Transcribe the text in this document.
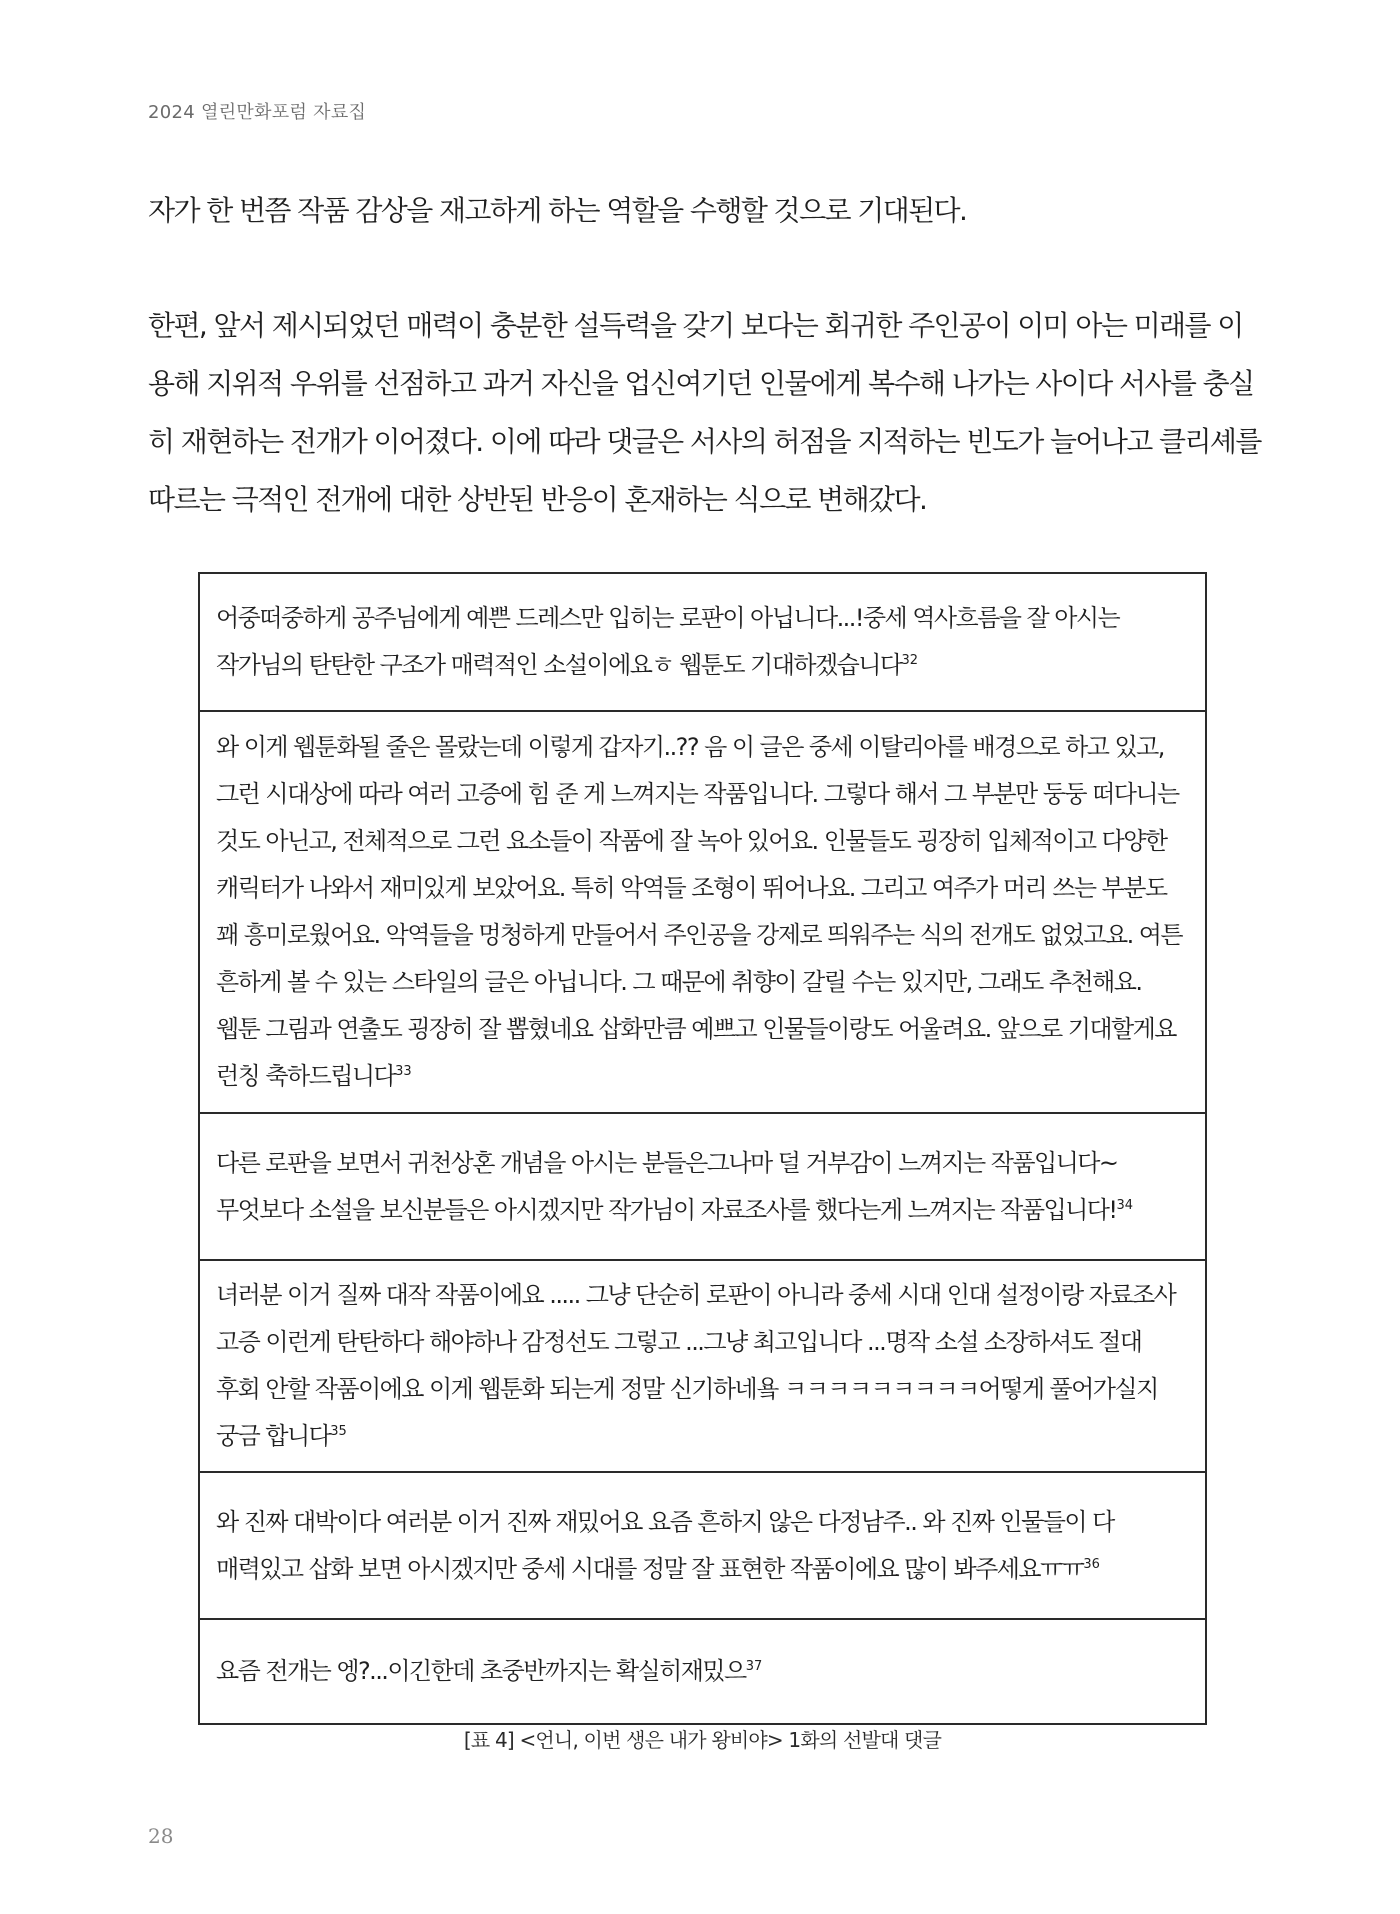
2024 열린만화포럼 자료집

자가 한 번쯤 작품 감상을 재고하게 하는 역할을 수행할 것으로 기대된다.

한편, 앞서 제시되었던 매력이 충분한 설득력을 갖기 보다는 회귀한 주인공이 이미 아는 미래를 이용해 지위적 우위를 선점하고 과거 자신을 업신여기던 인물에게 복수해 나가는 사이다 서사를 충실히 재현하는 전개가 이어졌다. 이에 따라 댓글은 서사의 허점을 지적하는 빈도가 늘어나고 클리셰를 따르는 극적인 전개에 대한 상반된 반응이 혼재하는 식으로 변해갔다.

어중떠중하게 공주님에게 예쁜 드레스만 입히는 로판이 아닙니다...!중세 역사흐름을 잘 아시는 작가님의 탄탄한 구조가 매력적인 소설이에요ㅎ 웹툰도 기대하겠습니다$^{32}$
와 이게 웹툰화될 줄은 몰랐는데 이렇게 갑자기..?? 음 이 글은 중세 이탈리아를 배경으로 하고 있고, 그런 시대상에 따라 여러 고증에 힘 준 게 느껴지는 작품입니다. 그렇다 해서 그 부분만 둥둥 떠다니는 것도 아닌고, 전체적으로 그런 요소들이 작품에 잘 녹아 있어요. 인물들도 굉장히 입체적이고 다양한 캐릭터가 나와서 재미있게 보았어요. 특히 악역들 조형이 뛰어나요. 그리고 여주가 머리 쓰는 부분도 꽤 흥미로웠어요. 악역들을 멍청하게 만들어서 주인공을 강제로 띄워주는 식의 전개도 없었고요. 여튼 흔하게 볼 수 있는 스타일의 글은 아닙니다. 그 때문에 취향이 갈릴 수는 있지만, 그래도 추천해요. 웹툰 그림과 연출도 굉장히 잘 뽑혔네요 삽화만큼 예쁘고 인물들이랑도 어울려요. 앞으로 기대할게요 런칭 축하드립니다$^{33}$
다른 로판을 보면서 귀천상혼 개념을 아시는 분들은그나마 덜 거부감이 느껴지는 작품입니다~ 무엇보다 소설을 보신분들은 아시겠지만 작가님이 자료조사를 했다는게 느껴지는 작품입니다!$^{34}$
녀러분 이거 질짜 대작 작품이에요 ..... 그냥 단순히 로판이 아니라 중세 시대 인대 설정이랑 자료조사 고증 이런게 탄탄하다 해야하나 감정선도 그렇고 ...그냥 최고입니다 ...명작 소설 소장하셔도 절대 후회 안할 작품이에요 이게 웹툰화 되는게 정말 신기하네욬 ㅋㅋㅋㅋㅋㅋㅋㅋㅋ어떻게 풀어가실지 궁금 합니다$^{35}$
와 진짜 대박이다 여러분 이거 진짜 재밌어요 요즘 흔하지 않은 다정남주.. 와 진짜 인물들이 다 매력있고 삽화 보면 아시겠지만 중세 시대를 정말 잘 표현한 작품이에요 많이 봐주세요ㅠㅠ$^{36}$
요즘 전개는 엥?...이긴한데 초중반까지는 확실히재밌으$^{37}$
[표 4] <언니, 이번 생은 내가 왕비야> 1화의 선발대 댓글
28
